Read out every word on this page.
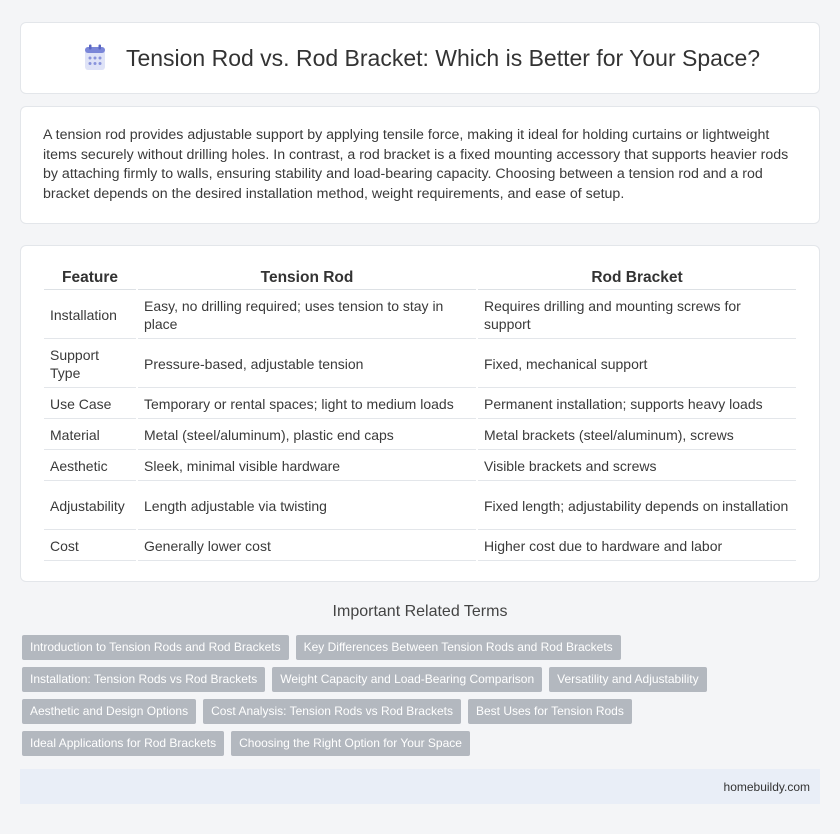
Tension Rod vs. Rod Bracket: Which is Better for Your Space?

A tension rod provides adjustable support by applying tensile force, making it ideal for holding curtains or lightweight items securely without drilling holes. In contrast, a rod bracket is a fixed mounting accessory that supports heavier rods by attaching firmly to walls, ensuring stability and load-bearing capacity. Choosing between a tension rod and a rod bracket depends on the desired installation method, weight requirements, and ease of setup.

Feature	Tension Rod	Rod Bracket
Installation	Easy, no drilling required; uses tension to stay in place	Requires drilling and mounting screws for support
Support Type	Pressure-based, adjustable tension	Fixed, mechanical support
Use Case	Temporary or rental spaces; light to medium loads	Permanent installation; supports heavy loads
Material	Metal (steel/aluminum), plastic end caps	Metal brackets (steel/aluminum), screws
Aesthetic	Sleek, minimal visible hardware	Visible brackets and screws
Adjustability	Length adjustable via twisting	Fixed length; adjustability depends on installation
Cost	Generally lower cost	Higher cost due to hardware and labor
Important Related Terms
Introduction to Tension Rods and Rod Brackets	Key Differences Between Tension Rods and Rod Brackets
Installation: Tension Rods vs Rod Brackets	Weight Capacity and Load-Bearing Comparison	Versatility and Adjustability
Aesthetic and Design Options	Cost Analysis: Tension Rods vs Rod Brackets	Best Uses for Tension Rods
Ideal Applications for Rod Brackets	Choosing the Right Option for Your Space
homebuildy.com
